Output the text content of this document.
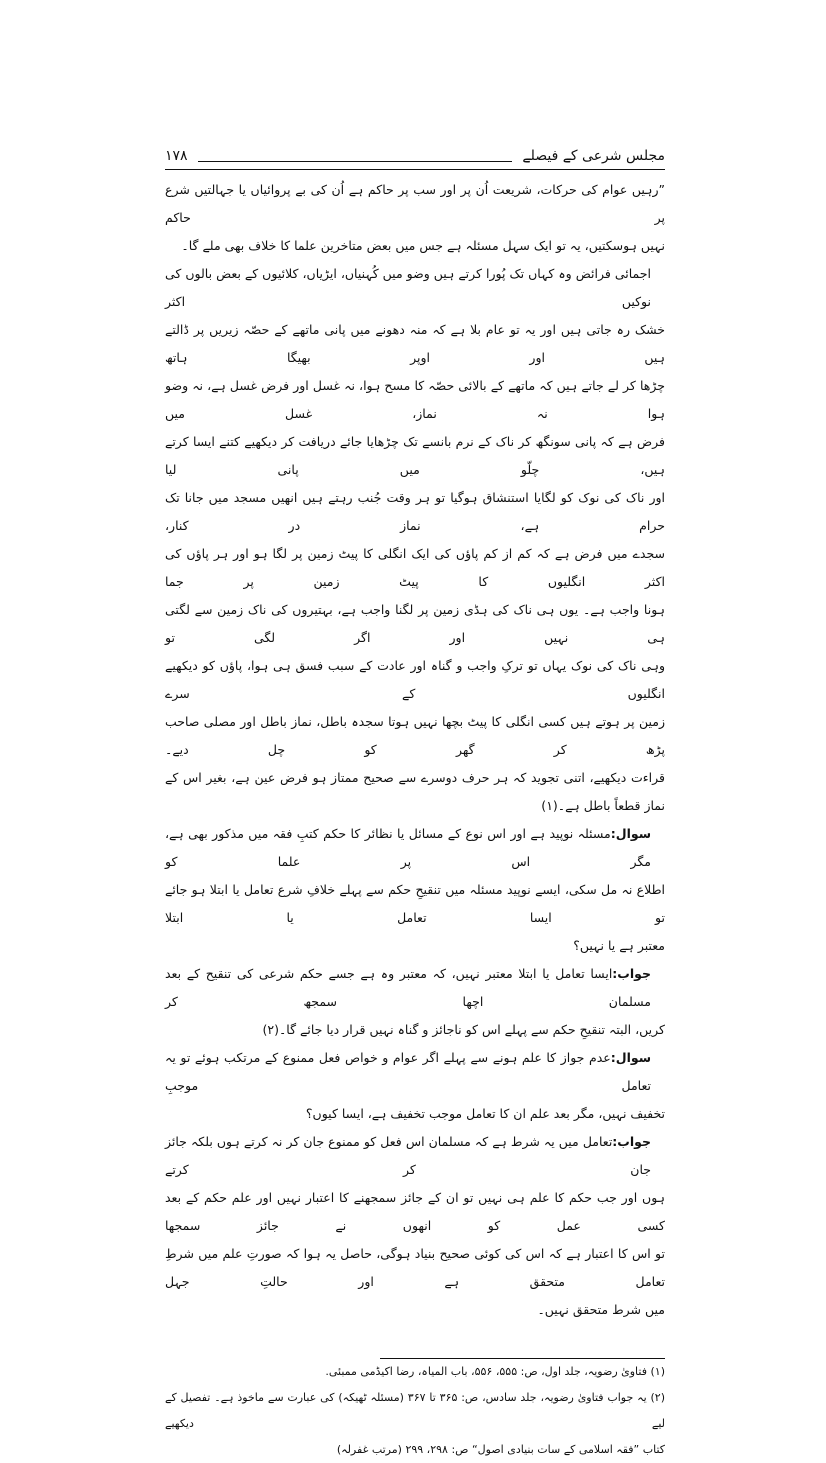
مجلس شرعی کے فیصلے
۱۷۸
”رہیں عوام کی حرکات، شریعت اُن پر اور سب پر حاکم ہے اُن کی بے پروائیاں یا جہالتیں شرع پر حاکم
نہیں ہوسکتیں، یہ تو ایک سہل مسئلہ ہے جس میں بعض متاخرین علما کا خلاف بھی ملے گا۔
اجمائی فرائض وہ کہاں تک پُورا کرتے ہیں وضو میں کُہنیاں، ایڑیاں، کلائیوں کے بعض بالوں کی نوکیں اکثر
خشک رہ جاتی ہیں اور یہ تو عام بلا ہے کہ منہ دھونے میں پانی ماتھے کے حصّہ زیریں پر ڈالتے ہیں اور اوپر بھیگا ہاتھ
چڑھا کر لے جاتے ہیں کہ ماتھے کے بالائی حصّہ کا مسح ہوا، نہ غسل اور فرض غسل ہے، نہ وضو ہوا نہ نماز، غسل میں
فرض ہے کہ پانی سونگھ کر ناک کے نرم بانسے تک چڑھایا جائے دریافت کر دیکھیے کتنے ایسا کرتے ہیں، چلّو میں پانی لیا
اور ناک کی نوک کو لگایا استنشاق ہوگیا تو ہر وقت جُنب رہتے ہیں انھیں مسجد میں جانا تک حرام ہے، نماز در کنار،
سجدے میں فرض ہے کہ کم از کم پاؤں کی ایک انگلی کا پیٹ زمین پر لگا ہو اور ہر پاؤں کی اکثر انگلیوں کا پیٹ زمین پر جما
ہونا واجب ہے۔ یوں ہی ناک کی ہڈی زمین پر لگنا واجب ہے، بہتیروں کی ناک زمین سے لگتی ہی نہیں اور اگر لگی تو
وہی ناک کی نوک یہاں تو ترکِ واجب و گناہ اور عادت کے سبب فسق ہی ہوا، پاؤں کو دیکھیے انگلیوں کے سرے
زمین پر ہوتے ہیں کسی انگلی کا پیٹ بچھا نہیں ہوتا سجدہ باطل، نماز باطل اور مصلی صاحب پڑھ کر گھر کو چل دیے۔
قراءت دیکھیے، اتنی تجوید کہ ہر حرف دوسرے سے صحیح ممتاز ہو فرض عین ہے، بغیر اس کے نماز قطعاً باطل ہے۔(۱)
سوال:مسئلہ نوپید ہے اور اس نوع کے مسائل یا نظائر کا حکم کتبِ فقہ میں مذکور بھی ہے، مگر اس پر علما کو
اطلاع نہ مل سکی، ایسے نوپید مسئلہ میں تنقیحِ حکم سے پہلے خلافِ شرع تعامل یا ابتلا ہو جائے تو ایسا تعامل یا ابتلا
معتبر ہے یا نہیں؟
جواب:ایسا تعامل یا ابتلا معتبر نہیں، کہ معتبر وہ ہے جسے حکم شرعی کی تنقیح کے بعد مسلمان اچھا سمجھ کر
کریں، البتہ تنقیحِ حکم سے پہلے اس کو ناجائز و گناہ نہیں قرار دیا جائے گا۔(۲)
سوال:عدم جواز کا علم ہونے سے پہلے اگر عوام و خواص فعل ممنوع کے مرتکب ہوئے تو یہ تعامل موجبِ
تخفیف نہیں، مگر بعد علم ان کا تعامل موجب تخفیف ہے، ایسا کیوں؟
جواب:تعامل میں یہ شرط ہے کہ مسلمان اس فعل کو ممنوع جان کر نہ کرتے ہوں بلکہ جائز جان کر کرتے
ہوں اور جب حکم کا علم ہی نہیں تو ان کے جائز سمجھنے کا اعتبار نہیں اور علم حکم کے بعد کسی عمل کو انھوں نے جائز سمجھا
تو اس کا اعتبار ہے کہ اس کی کوئی صحیح بنیاد ہوگی، حاصل یہ ہوا کہ صورتِ علم میں شرطِ تعامل متحقق ہے اور حالتِ جہل
میں شرط متحقق نہیں۔
(۱) فتاویٰ رضویہ، جلد اول، ص: ۵۵۵، ۵۵۶، باب المیاہ، رضا اکیڈمی ممبئی.
(۲) یہ جواب فتاویٰ رضویہ، جلد سادس، ص: ۳۶۵ تا ۳۶۷ (مسئلہ ٹھیکہ) کی عبارت سے ماخوذ ہے۔ تفصیل کے لیے دیکھیے
کتاب ”فقہ اسلامی کے سات بنیادی اصول“ ص: ۲۹۸، ۲۹۹ (مرتب غفرلہ)
